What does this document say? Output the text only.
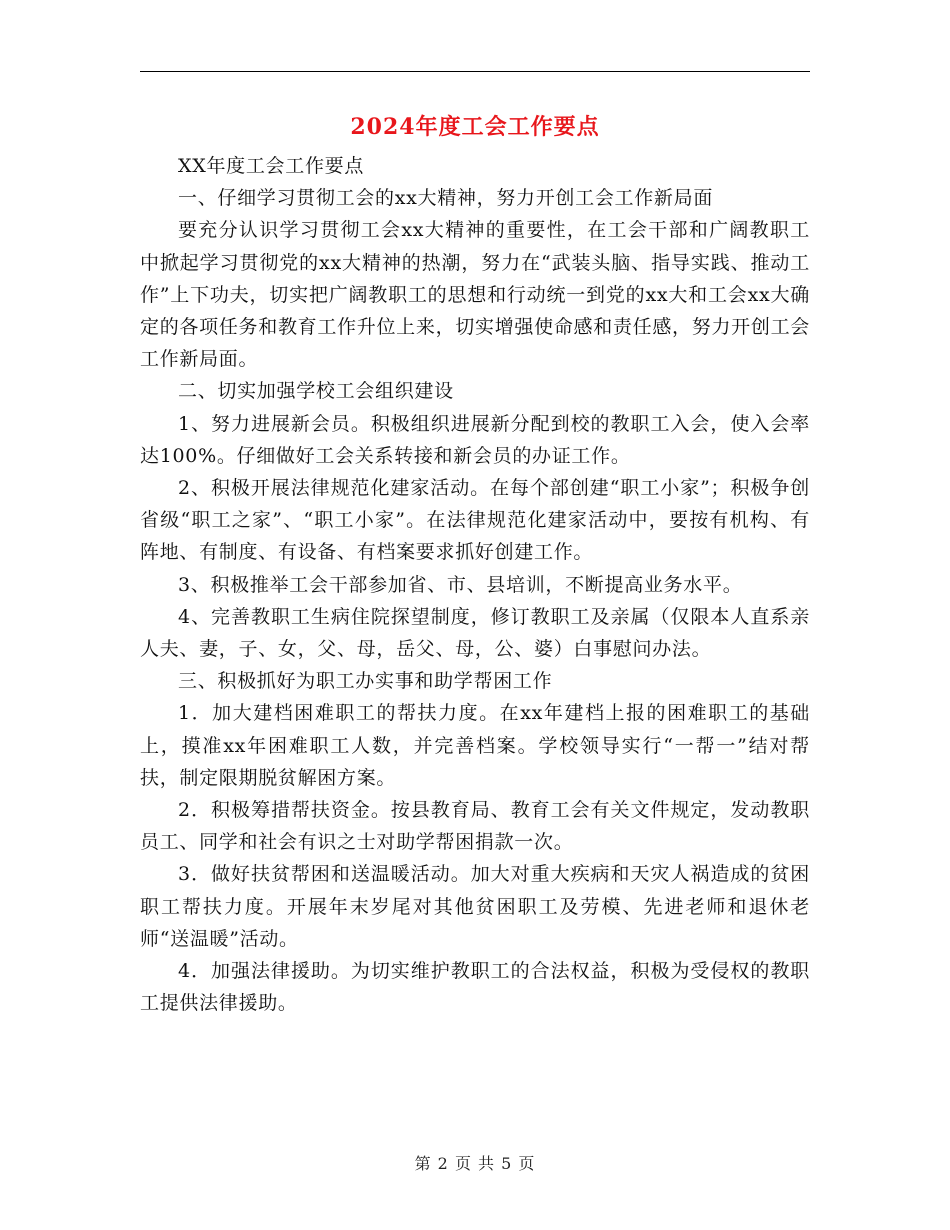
2024年度工会工作要点

XX年度工会工作要点

一、仔细学习贯彻工会的xx大精神，努力开创工会工作新局面

要充分认识学习贯彻工会xx大精神的重要性，在工会干部和广阔教职工中掀起学习贯彻党的xx大精神的热潮，努力在“武装头脑、指导实践、推动工作”上下功夫，切实把广阔教职工的思想和行动统一到党的xx大和工会xx大确定的各项任务和教育工作升位上来，切实增强使命感和责任感，努力开创工会工作新局面。

二、切实加强学校工会组织建设

1、努力进展新会员。积极组织进展新分配到校的教职工入会，使入会率达100%。仔细做好工会关系转接和新会员的办证工作。

2、积极开展法律规范化建家活动。在每个部创建“职工小家”；积极争创省级“职工之家”、“职工小家”。在法律规范化建家活动中，要按有机构、有阵地、有制度、有设备、有档案要求抓好创建工作。

3、积极推举工会干部参加省、市、县培训，不断提高业务水平。

4、完善教职工生病住院探望制度，修订教职工及亲属（仅限本人直系亲人夫、妻，子、女，父、母，岳父、母，公、婆）白事慰问办法。

三、积极抓好为职工办实事和助学帮困工作

1．加大建档困难职工的帮扶力度。在xx年建档上报的困难职工的基础上，摸准xx年困难职工人数，并完善档案。学校领导实行“一帮一”结对帮扶，制定限期脱贫解困方案。

2．积极筹措帮扶资金。按县教育局、教育工会有关文件规定，发动教职员工、同学和社会有识之士对助学帮困捐款一次。

3．做好扶贫帮困和送温暖活动。加大对重大疾病和天灾人祸造成的贫困职工帮扶力度。开展年末岁尾对其他贫困职工及劳模、先进老师和退休老师“送温暖”活动。

4．加强法律援助。为切实维护教职工的合法权益，积极为受侵权的教职工提供法律援助。

第 2 页 共 5 页
